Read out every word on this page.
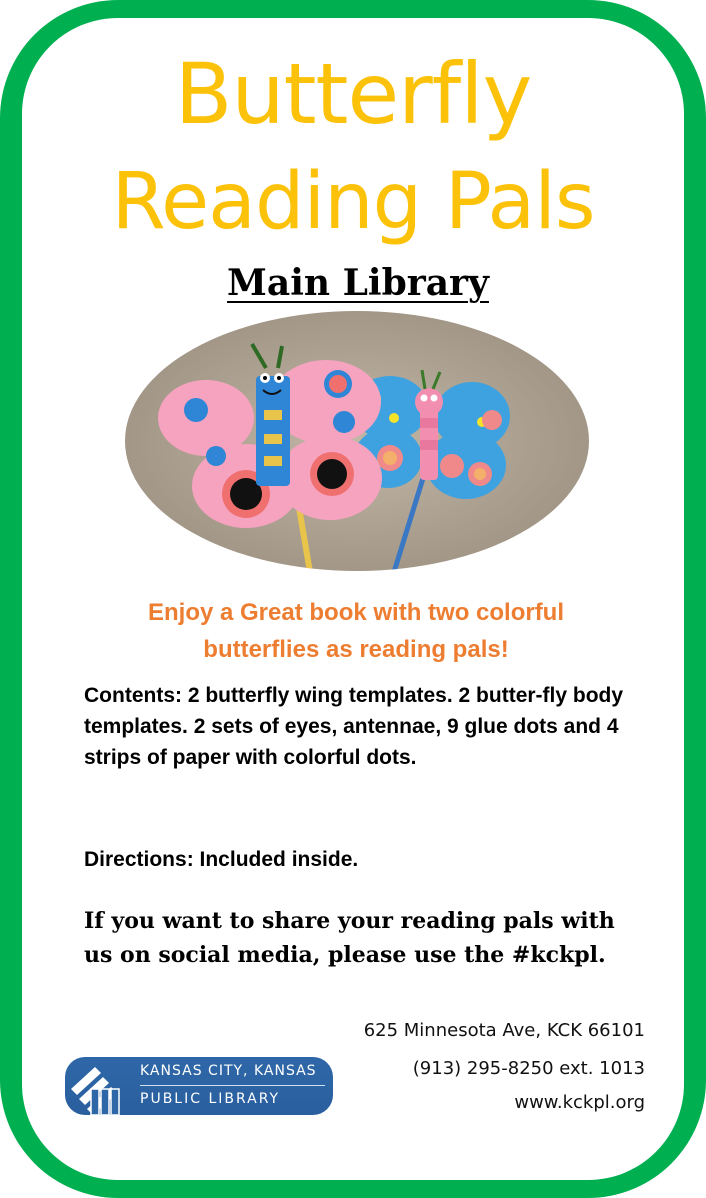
Butterfly
Reading Pals
Main Library
Enjoy a Great book with two colorful butterflies as reading pals!
Contents: 2 butterfly wing templates. 2 butter-fly body templates. 2 sets of eyes, antennae, 9 glue dots and 4 strips of paper with colorful dots.
Directions: Included inside.
If you want to share your reading pals with us on social media, please use the #kckpl.
625 Minnesota Ave, KCK 66101
(913) 295-8250 ext. 1013
www.kckpl.org
KANSAS CITY, KANSAS
PUBLIC LIBRARY
